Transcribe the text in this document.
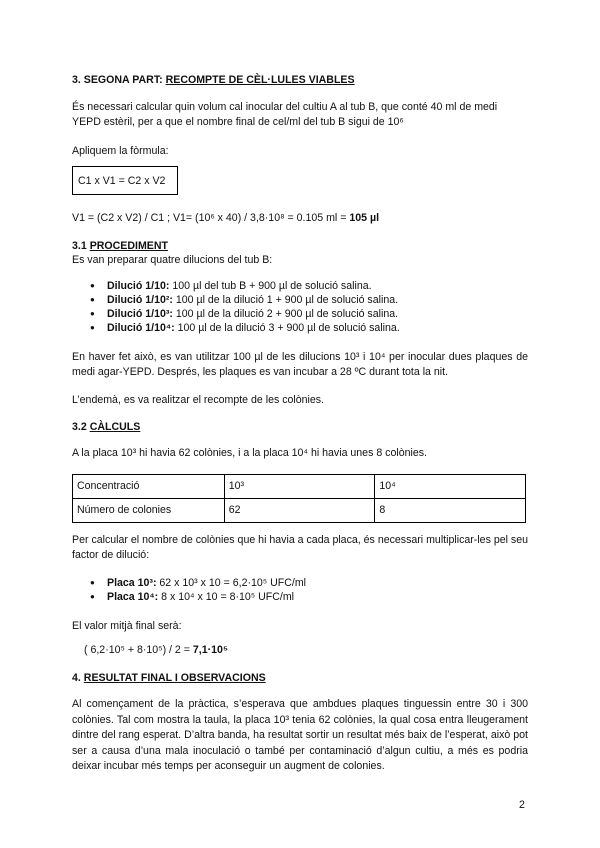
3. SEGONA PART: RECOMPTE DE CÈL·LULES VIABLES
És necessari calcular quin volum cal inocular del cultiu A al tub B, que conté 40 ml de medi
YEPD estèril, per a que el nombre final de cel/ml del tub B sigui de 10⁶
Apliquem la fòrmula:
C1 x V1 = C2 x V2
V1 = (C2 x V2) / C1 ; V1= (10⁶ x 40) / 3,8·10⁸ = 0.105 ml = 105 µl
3.1 PROCEDIMENT
Es van preparar quatre dilucions del tub B:
● Dilució 1/10: 100 µl del tub B + 900 µl de solució salina.
● Dilució 1/10²: 100 µl de la dilució 1 + 900 µl de solució salina.
● Dilució 1/10³: 100 µl de la dilució 2 + 900 µl de solució salina.
● Dilució 1/10⁴: 100 µl de la dilució 3 + 900 µl de solució salina.
En haver fet això, es van utilitzar 100 µl de les dilucions 10³ i 10⁴ per inocular dues plaques de medi agar-YEPD. Després, les plaques es van incubar a 28 ºC durant tota la nit.
L’endemà, es va realitzar el recompte de les colònies.
3.2 CÀLCULS
A la placa 10³ hi havia 62 colònies, i a la placa 10⁴ hi havia unes 8 colònies.
Concentració	10³	10⁴
Número de colonies	62	8
Per calcular el nombre de colònies que hi havia a cada placa, és necessari multiplicar-les pel seu factor de dilució:
● Placa 10³: 62 x 10³ x 10 = 6,2·10⁵ UFC/ml
● Placa 10⁴: 8 x 10⁴ x 10 = 8·10⁵ UFC/ml
El valor mitjà final serà:
( 6,2·10⁵ + 8·10⁵) / 2 = 7,1·10⁵
4. RESULTAT FINAL I OBSERVACIONS
Al començament de la pràctica, s’esperava que ambdues plaques tinguessin entre 30 i 300 colònies. Tal com mostra la taula, la placa 10³ tenia 62 colònies, la qual cosa entra lleugerament dintre del rang esperat. D’altra banda, ha resultat sortir un resultat més baix de l’esperat, això pot ser a causa d’una mala inoculació o també per contaminació d’algun cultiu, a més es podria deixar incubar més temps per aconseguir un augment de colonies.
2
